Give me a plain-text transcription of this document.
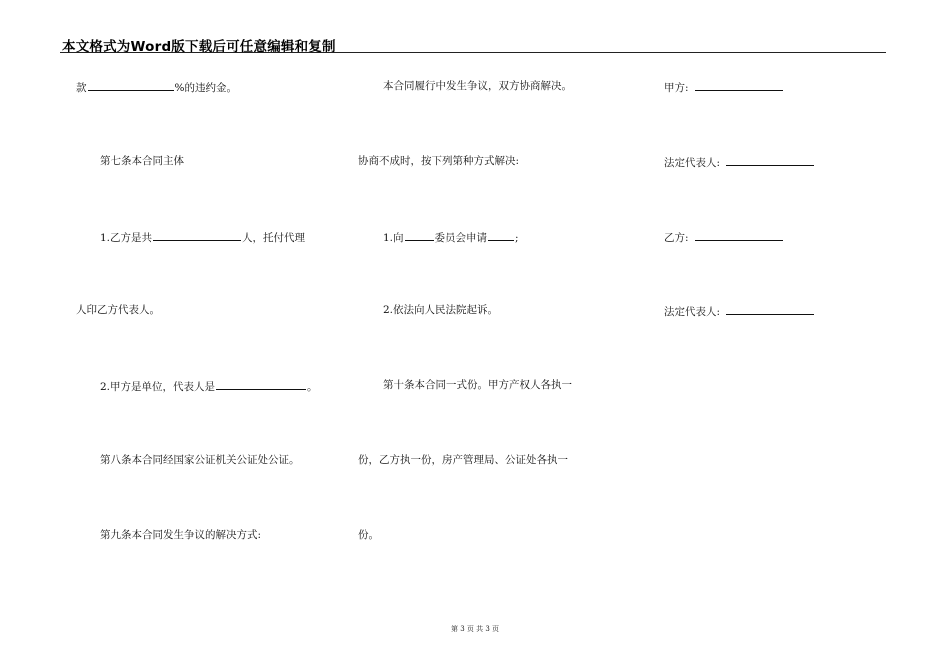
本文格式为Word版下载后可任意编辑和复制
款	%的违约金。
第七条本合同主体
1.乙方是共	人，托付代理
人印乙方代表人。
2.甲方是单位，代表人是	。
第八条本合同经国家公证机关公证处公证。
第九条本合同发生争议的解决方式:
本合同履行中发生争议，双方协商解决。
协商不成时，按下列第种方式解决:
1.向	委员会申请	;
2.依法向人民法院起诉。
第十条本合同一式份。甲方产权人各执一
份，乙方执一份，房产管理局、公证处各执一
份。
甲方:
法定代表人:
乙方:
法定代表人:
第 3 页 共 3 页
